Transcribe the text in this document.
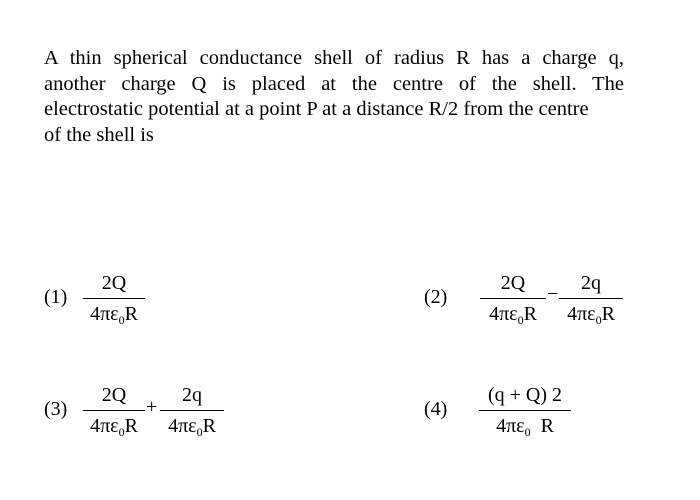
A thin spherical conductance shell of radius R has a charge q,
another charge Q is placed at the centre of the shell. The
electrostatic potential at a point P at a distance R/2 from the centre
of the shell is
(1)
2Q
$4\pi\varepsilon_0R$
(2)
2Q
$4\pi\varepsilon_0R$
−	2q
$4\pi\varepsilon_0R$
(3)
2Q
$4\pi\varepsilon_0R$
+
2q
$4\pi\varepsilon_0R$
(4)
(q + Q) 2
$4\pi\varepsilon_0$  R
